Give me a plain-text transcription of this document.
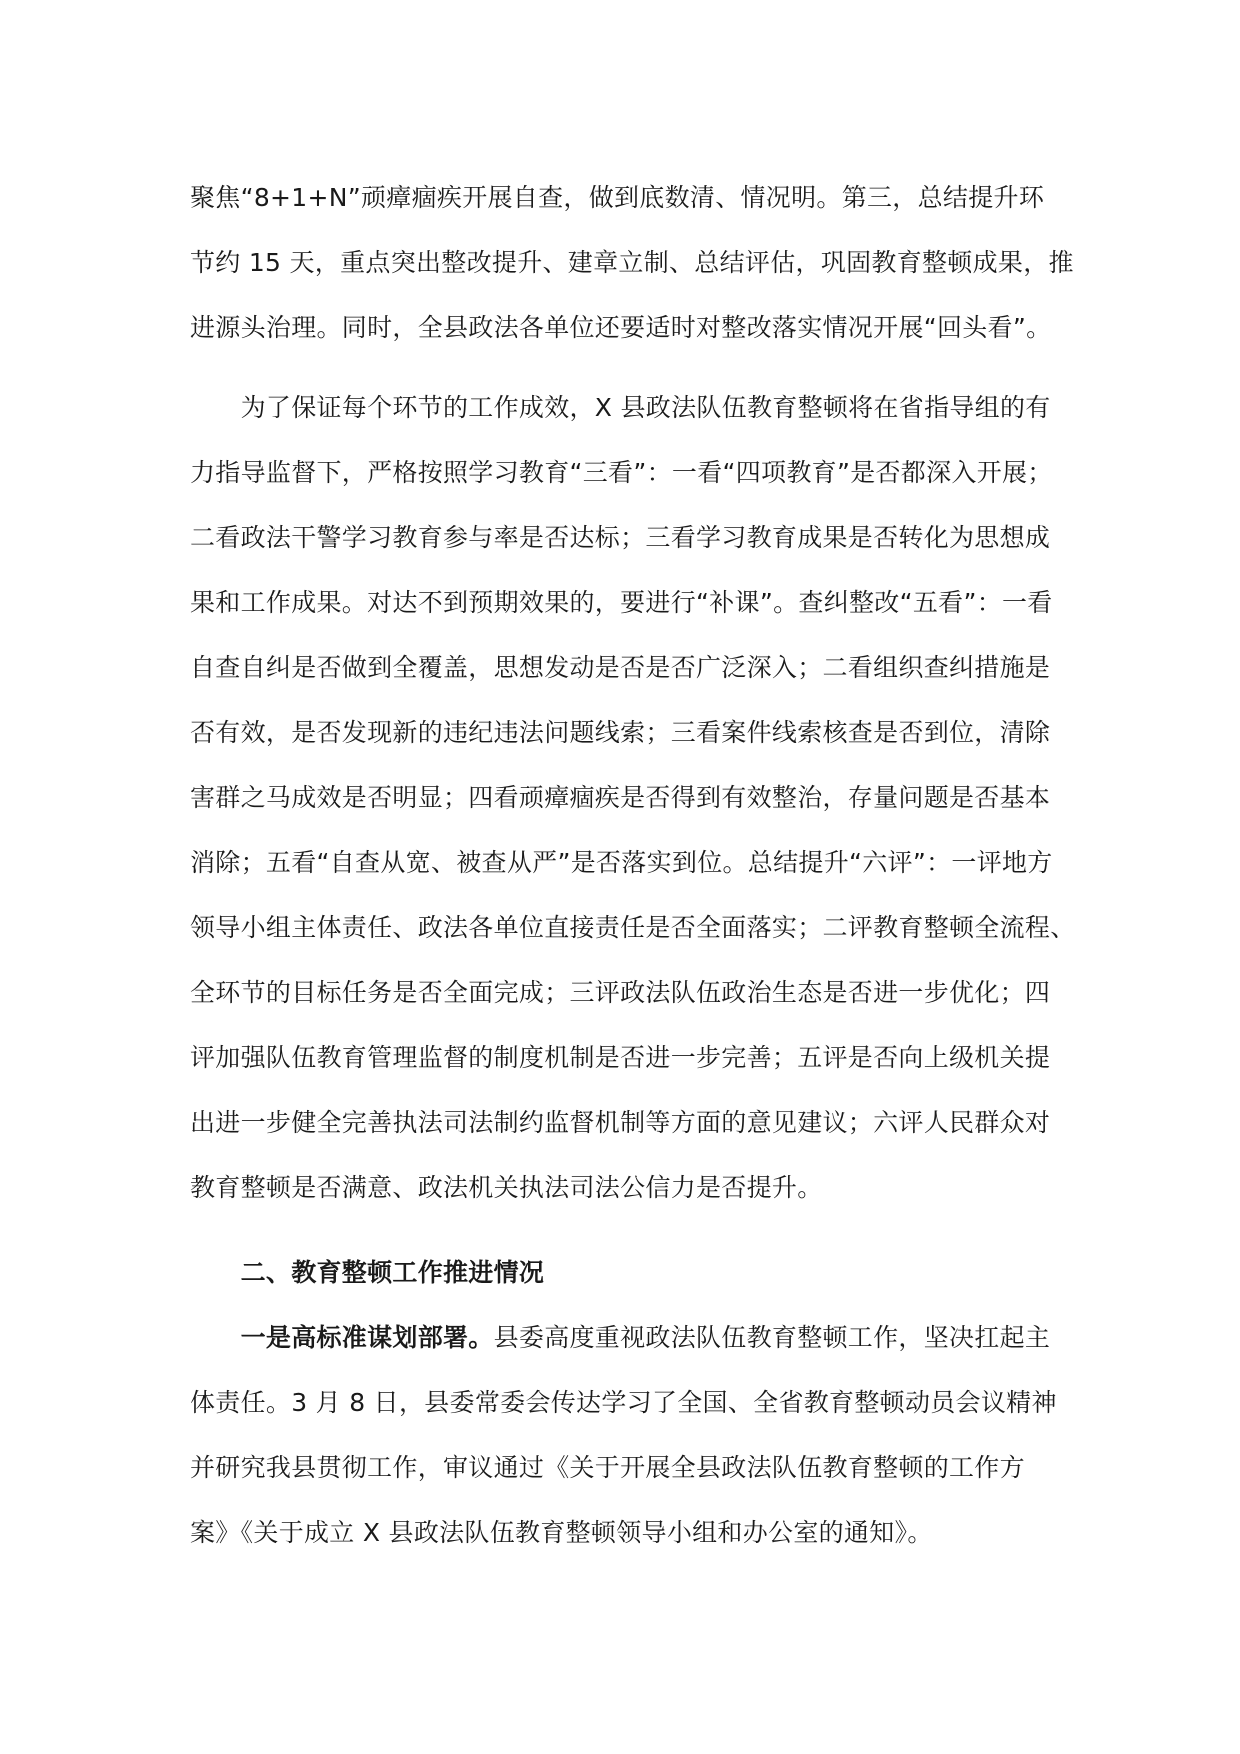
聚焦“8+1+N”顽瘴痼疾开展自查，做到底数清、情况明。第三，总结提升环
节约 15 天，重点突出整改提升、建章立制、总结评估，巩固教育整顿成果，推
进源头治理。同时，全县政法各单位还要适时对整改落实情况开展“回头看”。
　　为了保证每个环节的工作成效，X 县政法队伍教育整顿将在省指导组的有
力指导监督下，严格按照学习教育“三看”：一看“四项教育”是否都深入开展；
二看政法干警学习教育参与率是否达标；三看学习教育成果是否转化为思想成
果和工作成果。对达不到预期效果的，要进行“补课”。查纠整改“五看”：一看
自查自纠是否做到全覆盖，思想发动是否是否广泛深入；二看组织查纠措施是
否有效，是否发现新的违纪违法问题线索；三看案件线索核查是否到位，清除
害群之马成效是否明显；四看顽瘴痼疾是否得到有效整治，存量问题是否基本
消除；五看“自查从宽、被查从严”是否落实到位。总结提升“六评”：一评地方
领导小组主体责任、政法各单位直接责任是否全面落实；二评教育整顿全流程、
全环节的目标任务是否全面完成；三评政法队伍政治生态是否进一步优化；四
评加强队伍教育管理监督的制度机制是否进一步完善；五评是否向上级机关提
出进一步健全完善执法司法制约监督机制等方面的意见建议；六评人民群众对
教育整顿是否满意、政法机关执法司法公信力是否提升。
　　二、教育整顿工作推进情况
　　一是高标准谋划部署。县委高度重视政法队伍教育整顿工作，坚决扛起主
体责任。3 月 8 日，县委常委会传达学习了全国、全省教育整顿动员会议精神
并研究我县贯彻工作，审议通过《关于开展全县政法队伍教育整顿的工作方
案》《关于成立 X 县政法队伍教育整顿领导小组和办公室的通知》。
